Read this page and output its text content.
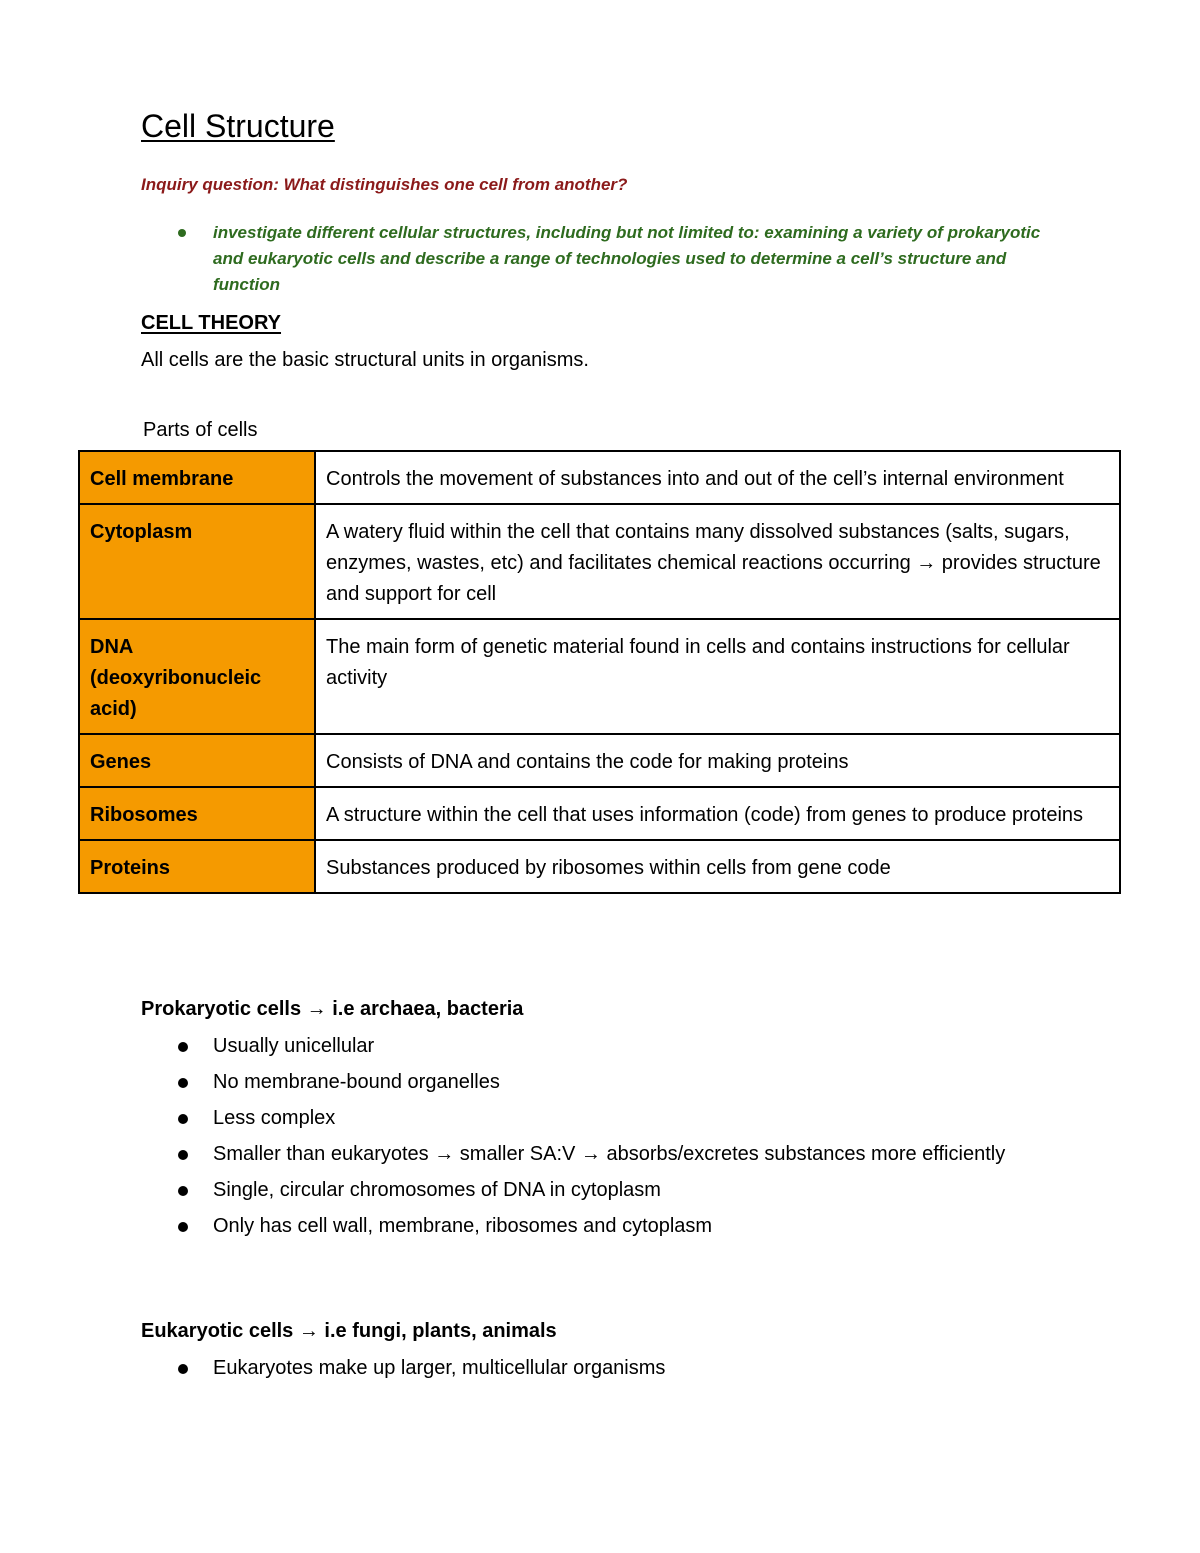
Cell Structure
Inquiry question: What distinguishes one cell from another?
investigate different cellular structures, including but not limited to: examining a variety of prokaryotic and eukaryotic cells and describe a range of technologies used to determine a cell’s structure and function
CELL THEORY
All cells are the basic structural units in organisms.
Parts of cells
Cell membrane	Controls the movement of substances into and out of the cell’s internal environment
Cytoplasm	A watery fluid within the cell that contains many dissolved substances (salts, sugars, enzymes, wastes, etc) and facilitates chemical reactions occurring → provides structure and support for cell
DNA (deoxyribonucleic acid)	The main form of genetic material found in cells and contains instructions for cellular activity
Genes	Consists of DNA and contains the code for making proteins
Ribosomes	A structure within the cell that uses information (code) from genes to produce proteins
Proteins	Substances produced by ribosomes within cells from gene code
Prokaryotic cells → i.e archaea, bacteria
Usually unicellular
No membrane-bound organelles
Less complex
Smaller than eukaryotes → smaller SA:V → absorbs/excretes substances more efficiently
Single, circular chromosomes of DNA in cytoplasm
Only has cell wall, membrane, ribosomes and cytoplasm
Eukaryotic cells → i.e fungi, plants, animals
Eukaryotes make up larger, multicellular organisms
